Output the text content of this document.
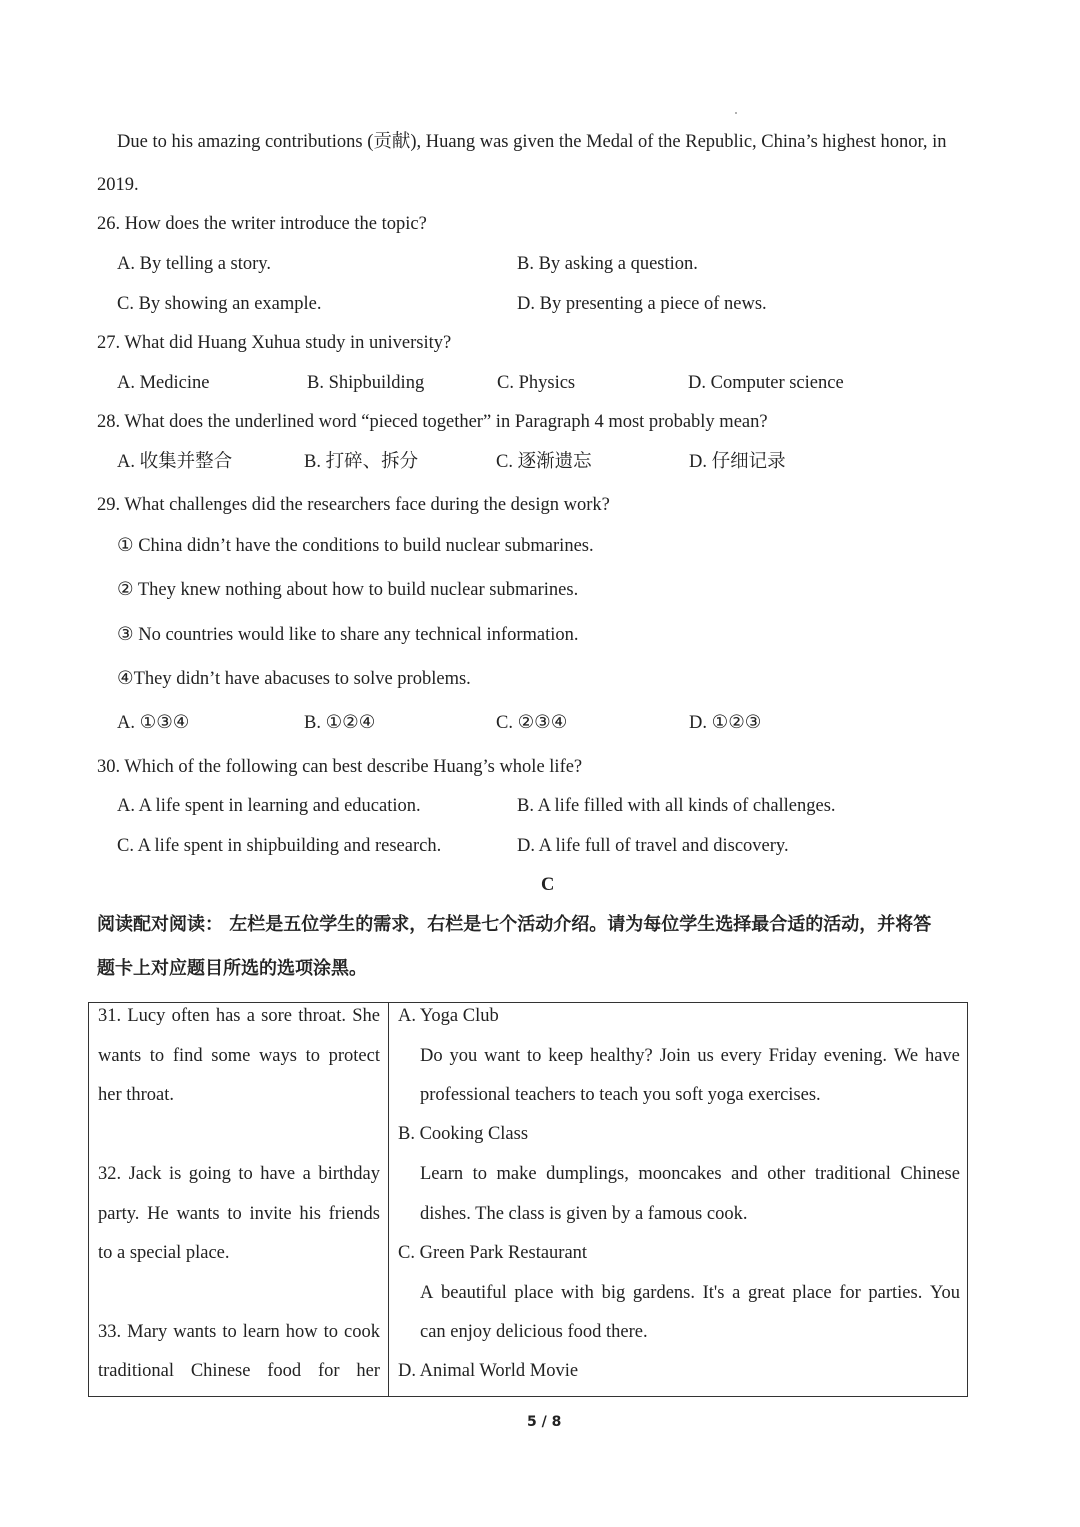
Due to his amazing contributions (贡献), Huang was given the Medal of the Republic, China’s highest honor, in
2019.
26. How does the writer introduce the topic?
A. By telling a story.	B. By asking a question.
C. By showing an example.	D. By presenting a piece of news.
27. What did Huang Xuhua study in university?
A. Medicine	B. Shipbuilding	C. Physics	D. Computer science
28. What does the underlined word “pieced together” in Paragraph 4 most probably mean?
A. 收集并整合	B. 打碎、拆分	C. 逐渐遗忘	D. 仔细记录
29. What challenges did the researchers face during the design work?
① China didn’t have the conditions to build nuclear submarines.
② They knew nothing about how to build nuclear submarines.
③ No countries would like to share any technical information.
④They didn’t have abacuses to solve problems.
A. ①③④	B. ①②④	C. ②③④	D. ①②③
30. Which of the following can best describe Huang’s whole life?
A. A life spent in learning and education.	B. A life filled with all kinds of challenges.
C. A life spent in shipbuilding and research.	D. A life full of travel and discovery.
C
阅读配对阅读： 左栏是五位学生的需求，右栏是七个活动介绍。请为每位学生选择最合适的活动，并将答
题卡上对应题目所选的选项涂黑。
31. Lucy often has a sore throat. She
wants to find some ways to protect
her throat.
32. Jack is going to have a birthday
party. He wants to invite his friends
to a special place.
33. Mary wants to learn how to cook
traditional Chinese food for her
A. Yoga Club
Do you want to keep healthy? Join us every Friday evening. We have
professional teachers to teach you soft yoga exercises.
B. Cooking Class
Learn to make dumplings, mooncakes and other traditional Chinese
dishes. The class is given by a famous cook.
C. Green Park Restaurant
A beautiful place with big gardens. It's a great place for parties. You
can enjoy delicious food there.
D. Animal World Movie
5 / 8
